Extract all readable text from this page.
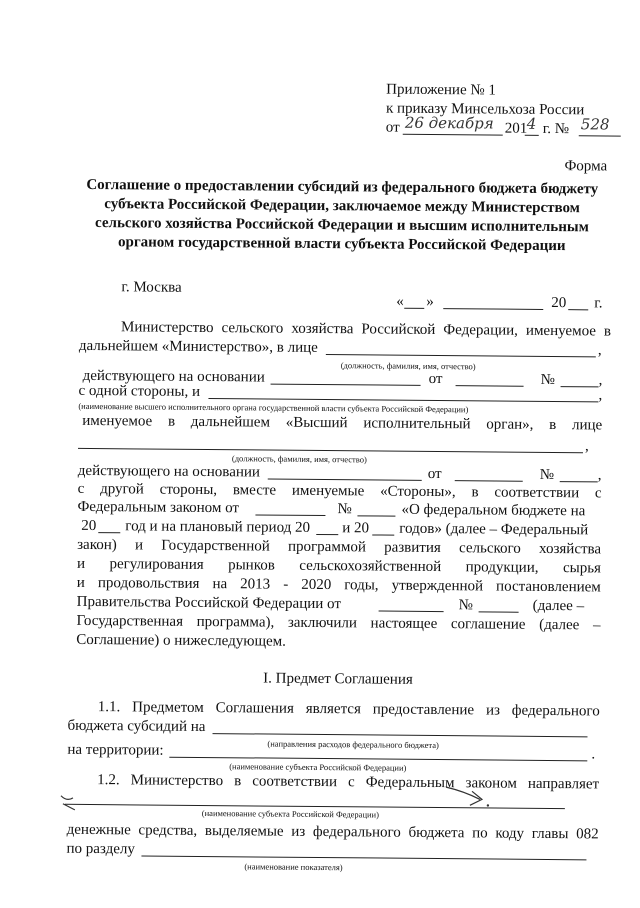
Приложение № 1
к приказу Минсельхоза России
от 26 декабря 201 4 г. № 528
Форма
Соглашение о предоставлении субсидий из федерального бюджета бюджету
субъекта Российской Федерации, заключаемое между Министерством
сельского хозяйства Российской Федерации и высшим исполнительным
органом государственной власти субъекта Российской Федерации
г. Москва
« »	20 г.
Министерство сельского хозяйства Российской Федерации, именуемое в
дальнейшем «Министерство», в лице	,
(должность, фамилия, имя, отчество)
действующего на основании	от	№	,
с одной стороны, и	,
(наименование высшего исполнительного органа государственной власти субъекта Российской Федерации)
именуемое в дальнейшем «Высший исполнительный орган», в лице
,
(должность, фамилия, имя, отчество)
действующего на основании	от	№	,
с другой стороны, вместе именуемые «Стороны», в соответствии с
Федеральным законом от	№	«О федеральном бюджете на
20 год и на плановый период 20 и 20 годов» (далее – Федеральный
закон) и Государственной программой развития сельского хозяйства
и регулирования рынков сельскохозяйственной продукции, сырья
и продовольствия на 2013 - 2020 годы, утвержденной постановлением
Правительства Российской Федерации от	№	(далее –
Государственная программа), заключили настоящее соглашение (далее –
Соглашение) о нижеследующем.
I. Предмет Соглашения
1.1. Предметом Соглашения является предоставление из федерального
бюджета субсидий на
(направления расходов федерального бюджета)
на территории:	.
(наименование субъекта Российской Федерации)
1.2. Министерство в соответствии с Федеральным законом направляет
(наименование субъекта Российской Федерации)
денежные средства, выделяемые из федерального бюджета по коду главы 082
по разделу
(наименование показателя)
